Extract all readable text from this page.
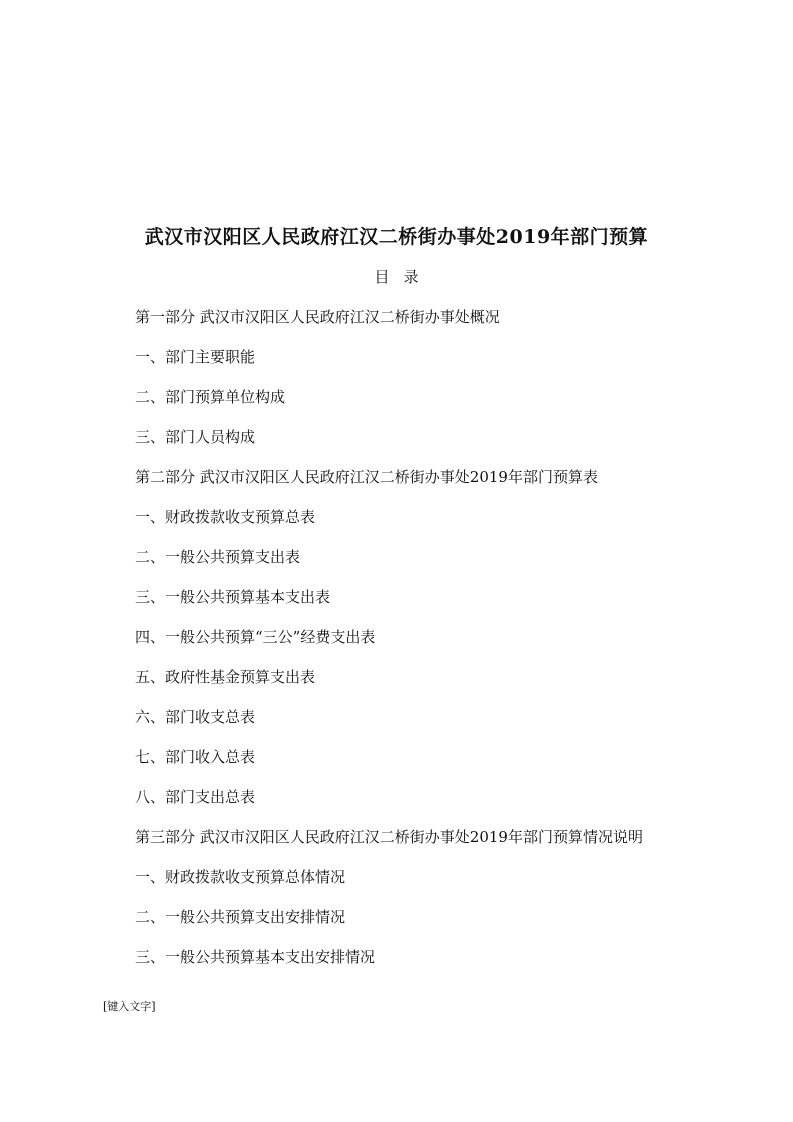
武汉市汉阳区人民政府江汉二桥街办事处2019年部门预算
目录
第一部分 武汉市汉阳区人民政府江汉二桥街办事处概况
一、部门主要职能
二、部门预算单位构成
三、部门人员构成
第二部分 武汉市汉阳区人民政府江汉二桥街办事处2019年部门预算表
一、财政拨款收支预算总表
二、一般公共预算支出表
三、一般公共预算基本支出表
四、一般公共预算“三公”经费支出表
五、政府性基金预算支出表
六、部门收支总表
七、部门收入总表
八、部门支出总表
第三部分 武汉市汉阳区人民政府江汉二桥街办事处2019年部门预算情况说明
一、财政拨款收支预算总体情况
二、一般公共预算支出安排情况
三、一般公共预算基本支出安排情况
[键入文字]
